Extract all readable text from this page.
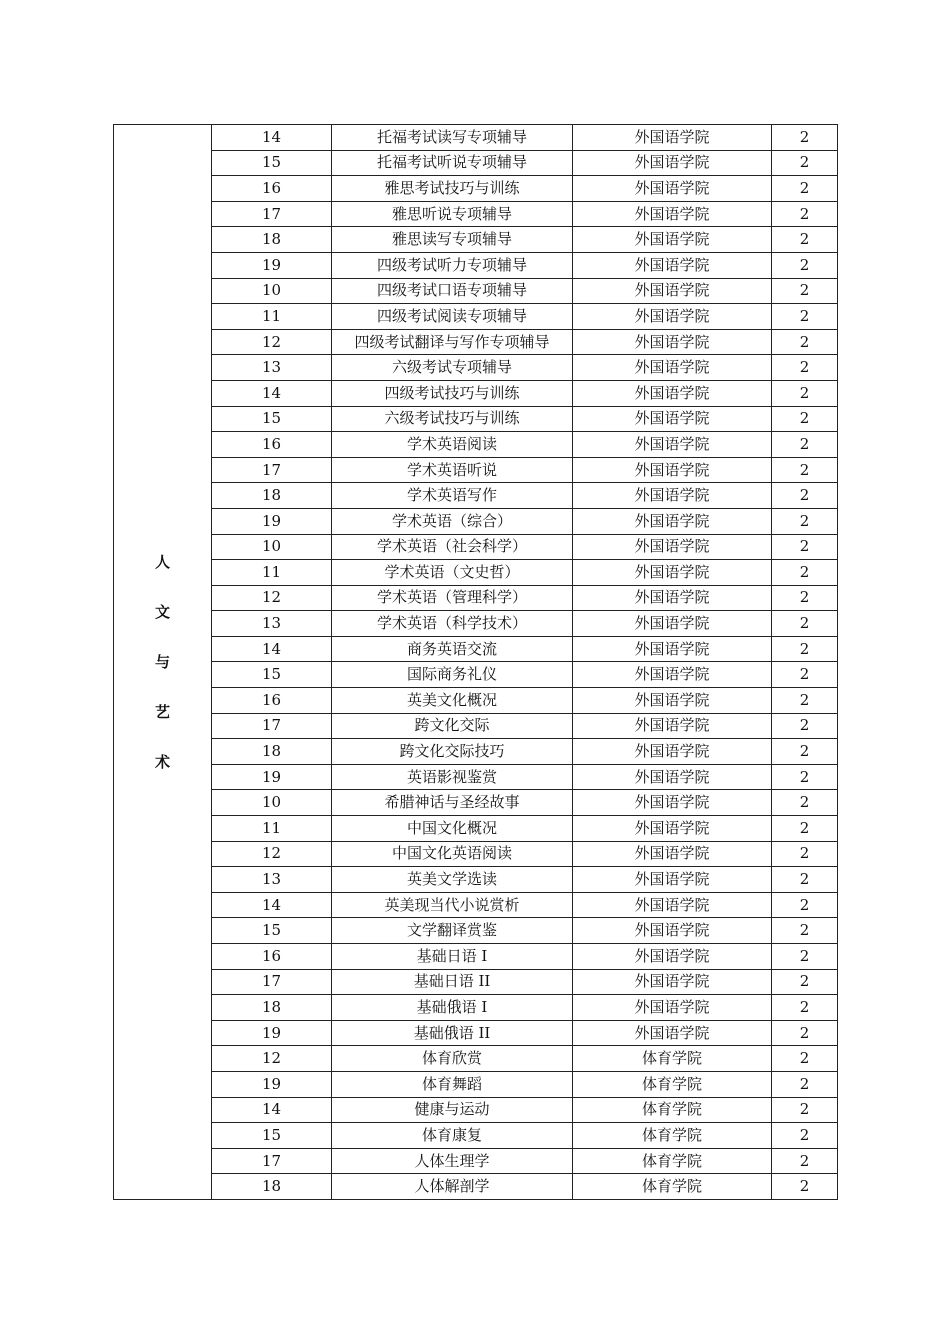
人
文
与
艺
术	14	托福考试读写专项辅导	外国语学院	2
	15	托福考试听说专项辅导	外国语学院	2
	16	雅思考试技巧与训练	外国语学院	2
	17	雅思听说专项辅导	外国语学院	2
	18	雅思读写专项辅导	外国语学院	2
	19	四级考试听力专项辅导	外国语学院	2
	10	四级考试口语专项辅导	外国语学院	2
	11	四级考试阅读专项辅导	外国语学院	2
	12	四级考试翻译与写作专项辅导	外国语学院	2
	13	六级考试专项辅导	外国语学院	2
	14	四级考试技巧与训练	外国语学院	2
	15	六级考试技巧与训练	外国语学院	2
	16	学术英语阅读	外国语学院	2
	17	学术英语听说	外国语学院	2
	18	学术英语写作	外国语学院	2
	19	学术英语（综合）	外国语学院	2
	10	学术英语（社会科学）	外国语学院	2
	11	学术英语（文史哲）	外国语学院	2
	12	学术英语（管理科学）	外国语学院	2
	13	学术英语（科学技术）	外国语学院	2
	14	商务英语交流	外国语学院	2
	15	国际商务礼仪	外国语学院	2
	16	英美文化概况	外国语学院	2
	17	跨文化交际	外国语学院	2
	18	跨文化交际技巧	外国语学院	2
	19	英语影视鉴赏	外国语学院	2
	10	希腊神话与圣经故事	外国语学院	2
	11	中国文化概况	外国语学院	2
	12	中国文化英语阅读	外国语学院	2
	13	英美文学选读	外国语学院	2
	14	英美现当代小说赏析	外国语学院	2
	15	文学翻译赏鉴	外国语学院	2
	16	基础日语 I	外国语学院	2
	17	基础日语 II	外国语学院	2
	18	基础俄语 I	外国语学院	2
	19	基础俄语 II	外国语学院	2
	12	体育欣赏	体育学院	2
	19	体育舞蹈	体育学院	2
	14	健康与运动	体育学院	2
	15	体育康复	体育学院	2
	17	人体生理学	体育学院	2
	18	人体解剖学	体育学院	2
